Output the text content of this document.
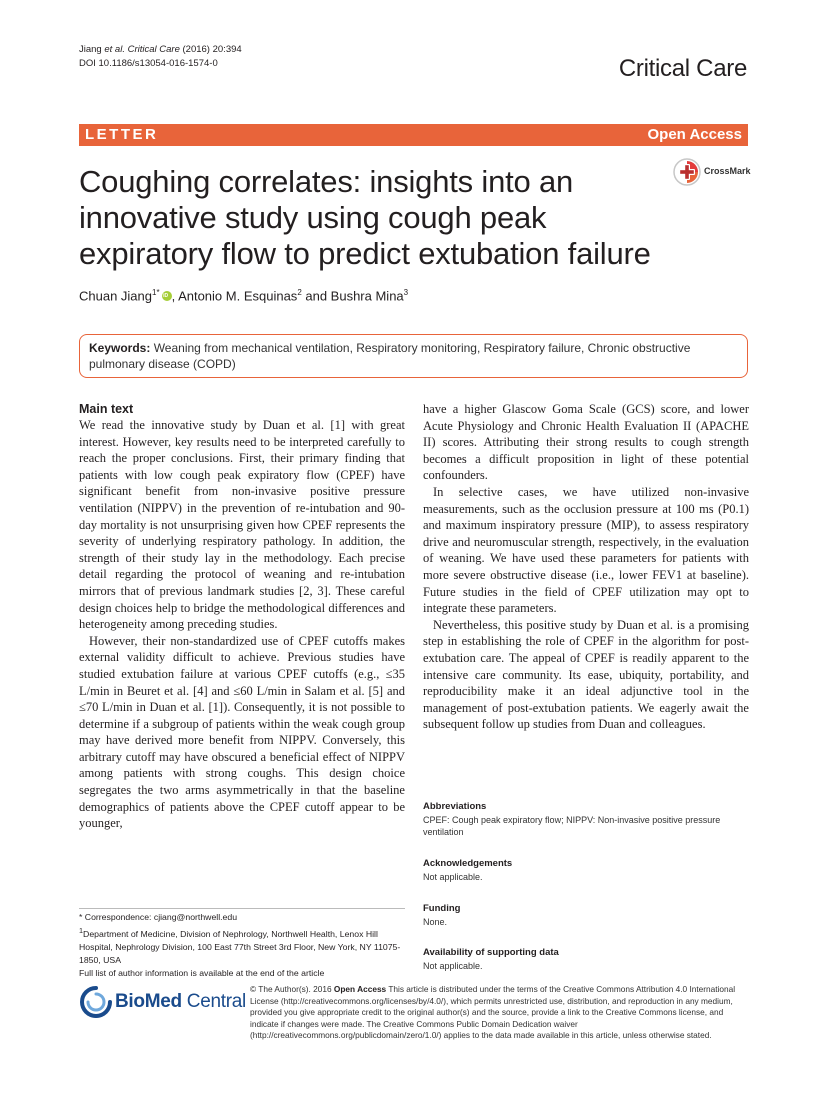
Jiang et al. Critical Care (2016) 20:394
DOI 10.1186/s13054-016-1574-0	Critical Care
LETTER	Open Access
CrossMark
Coughing correlates: insights into an innovative study using cough peak expiratory flow to predict extubation failure
Chuan Jiang$^{1*}$iD , Antonio M. Esquinas$^2$ and Bushra Mina$^3$
Keywords: Weaning from mechanical ventilation, Respiratory monitoring, Respiratory failure, Chronic obstructive pulmonary disease (COPD)
Main text

We read the innovative study by Duan et al. [1] with great interest. However, key results need to be interpreted carefully to reach the proper conclusions. First, their primary finding that patients with low cough peak expiratory flow (CPEF) have significant benefit from non-invasive positive pressure ventilation (NIPPV) in the prevention of re-intubation and 90-day mortality is not unsurprising given how CPEF represents the severity of underlying respiratory pathology. In addition, the strength of their study lay in the methodology. Each precise detail regarding the protocol of weaning and re-intubation mirrors that of previous landmark studies [2, 3]. These careful design choices help to bridge the methodological differences and heterogeneity among preceding studies.

However, their non-standardized use of CPEF cutoffs makes external validity difficult to achieve. Previous studies have studied extubation failure at various CPEF cutoffs (e.g., ≤35 L/min in Beuret et al. [4] and ≤60 L/min in Salam et al. [5] and ≤70 L/min in Duan et al. [1]). Consequently, it is not possible to determine if a subgroup of patients within the weak cough group may have derived more benefit from NIPPV. Conversely, this arbitrary cutoff may have obscured a beneficial effect of NIPPV among patients with strong coughs. This design choice segregates the two arms asymmetrically in that the baseline demographics of patients above the CPEF cutoff appear to be younger,

have a higher Glascow Goma Scale (GCS) score, and lower Acute Physiology and Chronic Health Evaluation II (APACHE II) scores. Attributing their strong results to cough strength becomes a difficult proposition in light of these potential confounders.

In selective cases, we have utilized non-invasive measurements, such as the occlusion pressure at 100 ms (P0.1) and maximum inspiratory pressure (MIP), to assess respiratory drive and neuromuscular strength, respectively, in the evaluation of weaning. We have used these parameters for patients with more severe obstructive disease (i.e., lower FEV1 at baseline). Future studies in the field of CPEF utilization may opt to integrate these parameters.

Nevertheless, this positive study by Duan et al. is a promising step in establishing the role of CPEF in the algorithm for post-extubation care. The appeal of CPEF is readily apparent to the intensive care community. Its ease, ubiquity, portability, and reproducibility make it an ideal adjunctive tool in the management of post-extubation patients. We eagerly await the subsequent follow up studies from Duan and colleagues.

Abbreviations
CPEF: Cough peak expiratory flow; NIPPV: Non-invasive positive pressure ventilation
Acknowledgements
Not applicable.
Funding
None.
Availability of supporting data
Not applicable.
* Correspondence: cjiang@northwell.edu
$^1$Department of Medicine, Division of Nephrology, Northwell Health, Lenox Hill Hospital, Nephrology Division, 100 East 77th Street 3rd Floor, New York, NY 11075-1850, USA
Full list of author information is available at the end of the article
BioMed Central
© The Author(s). 2016 Open Access This article is distributed under the terms of the Creative Commons Attribution 4.0 International License (http://creativecommons.org/licenses/by/4.0/), which permits unrestricted use, distribution, and reproduction in any medium, provided you give appropriate credit to the original author(s) and the source, provide a link to the Creative Commons license, and indicate if changes were made. The Creative Commons Public Domain Dedication waiver (http://creativecommons.org/publicdomain/zero/1.0/) applies to the data made available in this article, unless otherwise stated.
